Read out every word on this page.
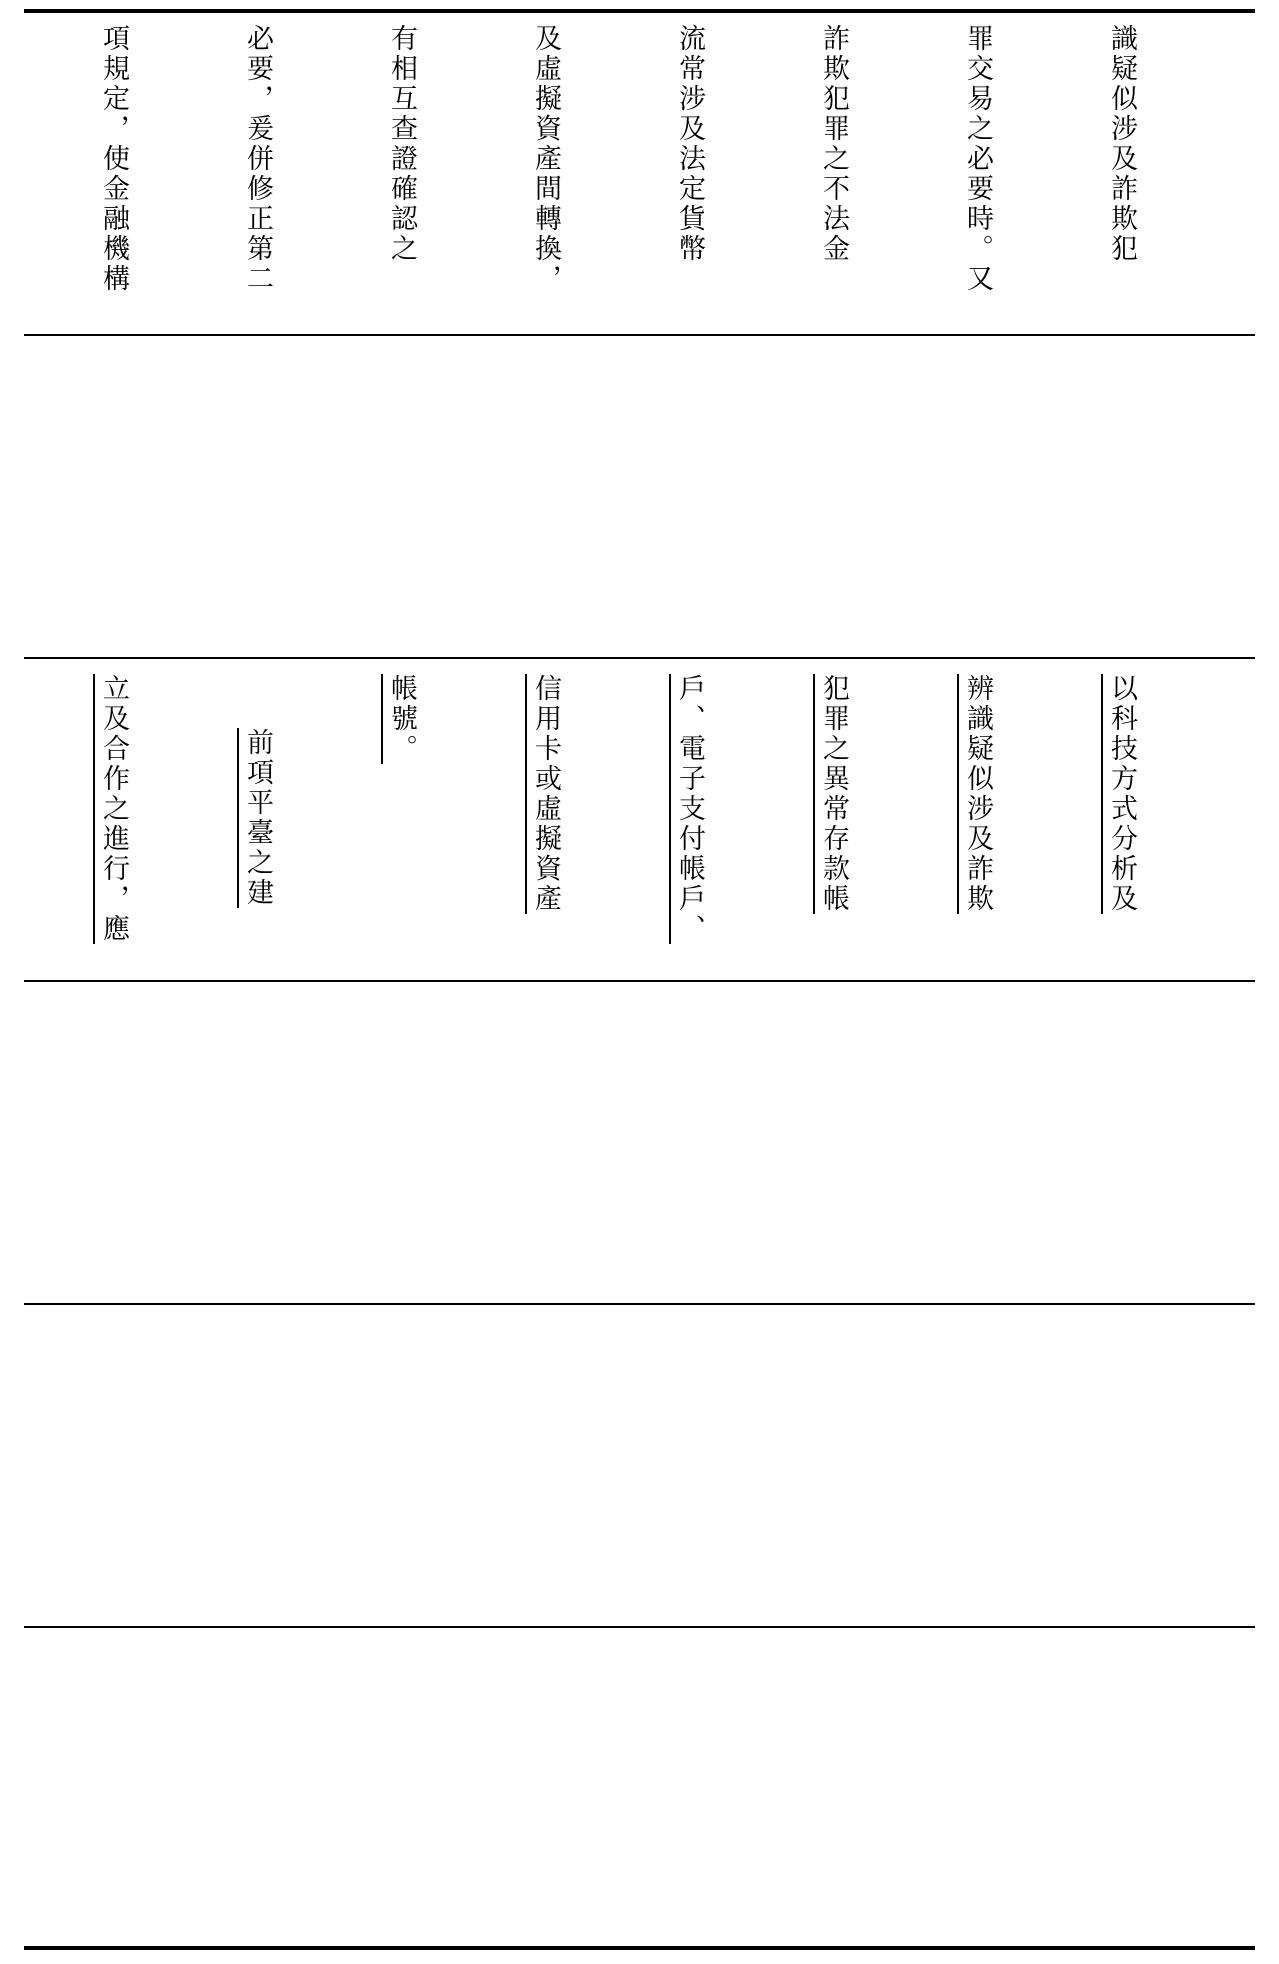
識疑似涉及詐欺犯

罪交易之必要時。又

詐欺犯罪之不法金

流常涉及法定貨幣

及虛擬資產間轉換，

有相互查證確認之

必要，爰併修正第二

項規定，使金融機構

以科技方式分析及

辨識疑似涉及詐欺

犯罪之異常存款帳

戶、電子支付帳戶、

信用卡或虛擬資產

帳號。

前項平臺之建

立及合作之進行，應
